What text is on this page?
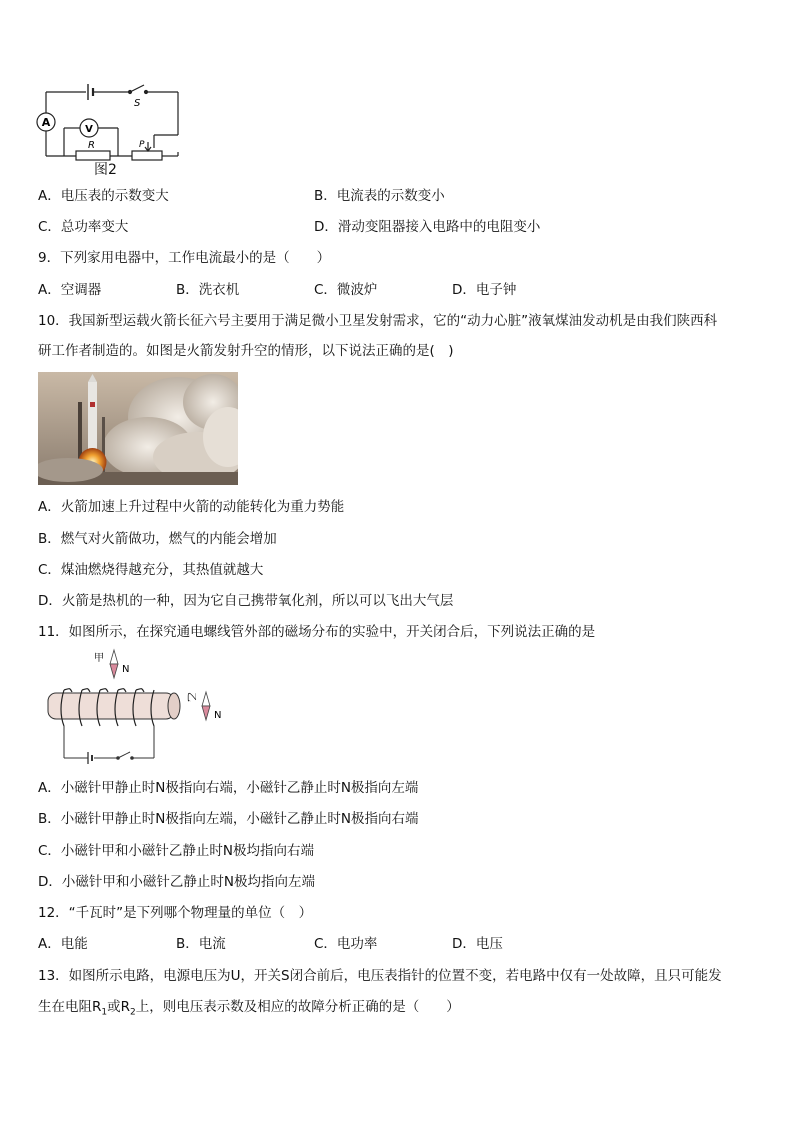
A
V
S
R	P
图2
A．电压表的示数变大	B．电流表的示数变小
C．总功率变大	D．滑动变阻器接入电路中的电阻变小
9．下列家用电器中，工作电流最小的是（　　）
A．空调器	B．洗衣机	C．微波炉	D．电子钟
10．我国新型运载火箭长征六号主要用于满足微小卫星发射需求，它的“动力心脏”液氧煤油发动机是由我们陕西科
研工作者制造的。如图是火箭发射升空的情形，以下说法正确的是(　)
A．火箭加速上升过程中火箭的动能转化为重力势能
B．燃气对火箭做功，燃气的内能会增加
C．煤油燃烧得越充分，其热值就越大
D．火箭是热机的一种，因为它自己携带氧化剂，所以可以飞出大气层
11．如图所示，在探究通电螺线管外部的磁场分布的实验中，开关闭合后，下列说法正确的是
甲
N
乙
N
A．小磁针甲静止时N极指向右端，小磁针乙静止时N极指向左端
B．小磁针甲静止时N极指向左端，小磁针乙静止时N极指向右端
C．小磁针甲和小磁针乙静止时N极均指向右端
D．小磁针甲和小磁针乙静止时N极均指向左端
12．“千瓦时”是下列哪个物理量的单位（　）
A．电能	B．电流	C．电功率	D．电压
13．如图所示电路，电源电压为U，开关S闭合前后，电压表指针的位置不变，若电路中仅有一处故障，且只可能发
生在电阻$R_1$或$R_2$上，则电压表示数及相应的故障分析正确的是（　　）
